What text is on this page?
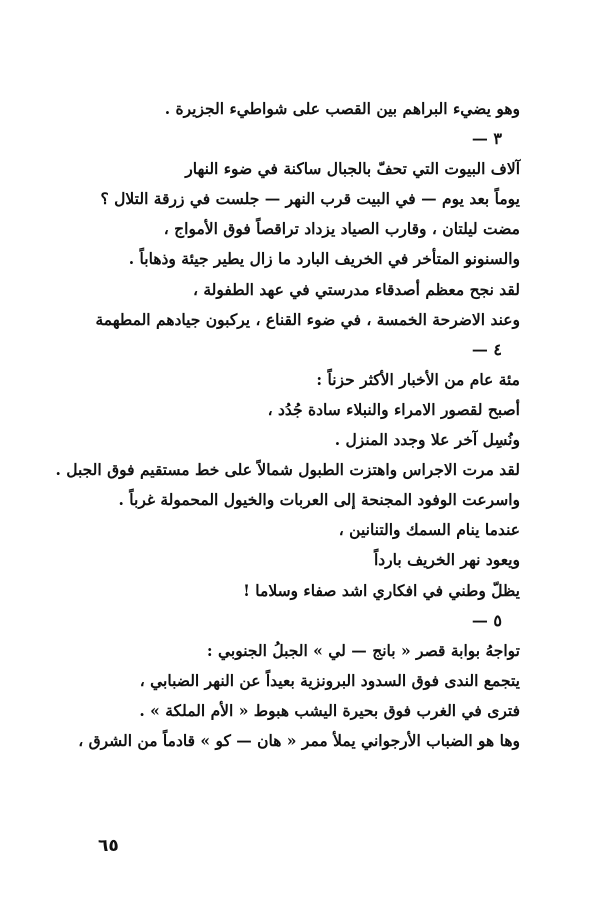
وهو يضيء البراهم بين القصب على شواطيء الجزيرة .
٣ —
آلاف البيوت التي تحفّ بالجبال ساكنة في ضوء النهار
يوماً بعد يوم — في البيت قرب النهر — جلست في زرقة التلال ؟
مضت ليلتان ، وقارب الصياد يزداد تراقصاً فوق الأمواج ،
والسنونو المتأخر في الخريف البارد ما زال يطير جيئة وذهاباً .
لقد نجح معظم أصدقاء مدرستي في عهد الطفولة ،
وعند الاضرحة الخمسة ، في ضوء القناع ، يركبون جيادهم المطهمة
٤ —
مئة عام من الأخبار الأكثر حزناً :
أصبح لقصور الامراء والنبلاء سادة جُدُد ،
ونُسِل آخر علا وجدد المنزل .
لقد مرت الاجراس واهتزت الطبول شمالاً على خط مستقيم فوق الجبل .
واسرعت الوفود المجنحة إلى العربات والخيول المحمولة غرباً .
عندما ينام السمك والتنانين ،
ويعود نهر الخريف بارداً
يظلّ وطني في افكاري اشد صفاء وسلاما !
٥ —
تواجهُ بوابة قصر « بانج — لي » الجبلُ الجنوبي :
يتجمع الندى فوق السدود البرونزية بعيداً عن النهر الضبابي ،
فترى في الغرب فوق بحيرة اليشب هبوط « الأم الملكة » .
وها هو الضباب الأرجواني يملأ ممر « هان — كو » قادماً من الشرق ،
٦٥
